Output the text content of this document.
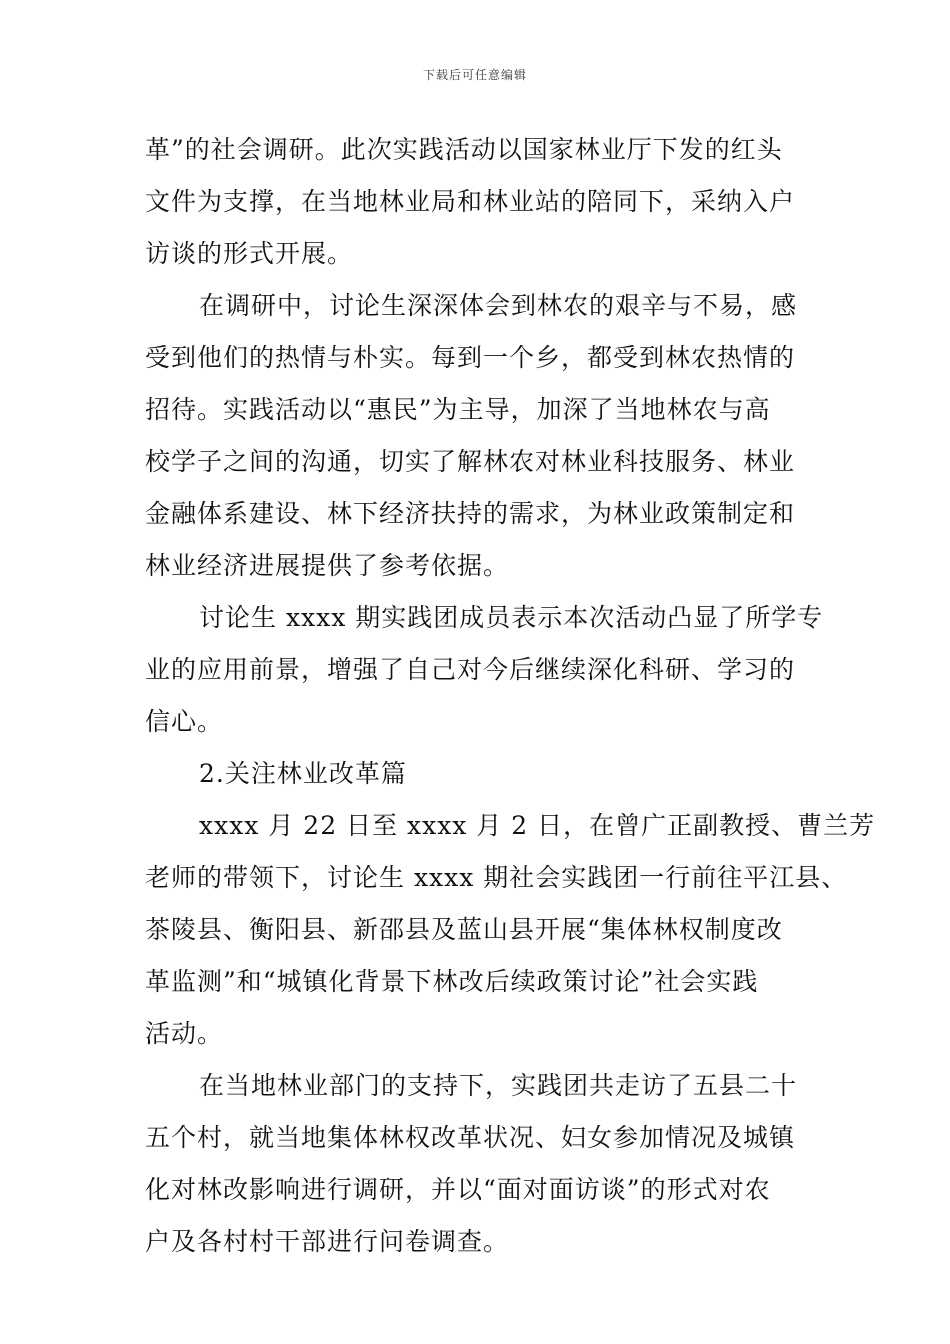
下载后可任意编辑
革”的社会调研。此次实践活动以国家林业厅下发的红头
文件为支撑，在当地林业局和林业站的陪同下，采纳入户
访谈的形式开展。
在调研中，讨论生深深体会到林农的艰辛与不易，感
受到他们的热情与朴实。每到一个乡，都受到林农热情的
招待。实践活动以“惠民”为主导，加深了当地林农与高
校学子之间的沟通，切实了解林农对林业科技服务、林业
金融体系建设、林下经济扶持的需求，为林业政策制定和
林业经济进展提供了参考依据。
讨论生 xxxx 期实践团成员表示本次活动凸显了所学专
业的应用前景，增强了自己对今后继续深化科研、学习的
信心。
2.关注林业改革篇
xxxx 月 22 日至 xxxx 月 2 日，在曾广正副教授、曹兰芳
老师的带领下，讨论生 xxxx 期社会实践团一行前往平江县、
茶陵县、衡阳县、新邵县及蓝山县开展“集体林权制度改
革监测”和“城镇化背景下林改后续政策讨论”社会实践
活动。
在当地林业部门的支持下，实践团共走访了五县二十
五个村，就当地集体林权改革状况、妇女参加情况及城镇
化对林改影响进行调研，并以“面对面访谈”的形式对农
户及各村村干部进行问卷调查。
